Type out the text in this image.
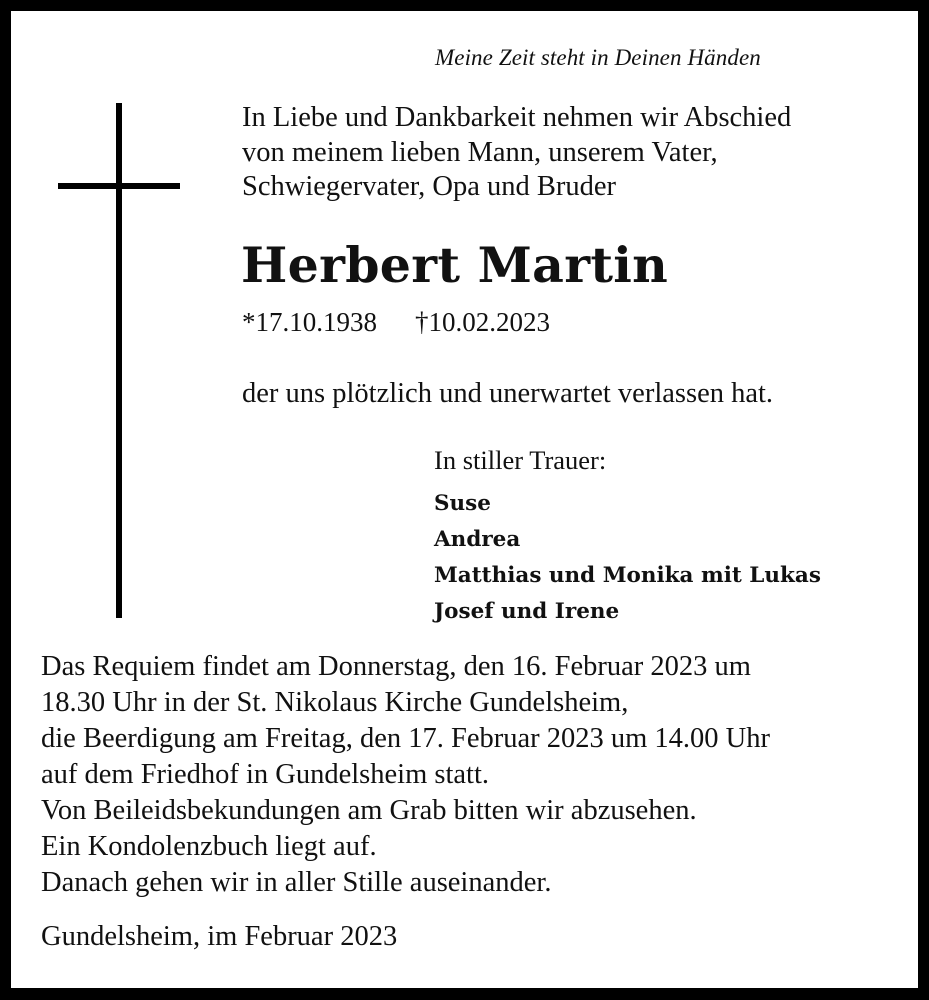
Meine Zeit steht in Deinen Händen
In Liebe und Dankbarkeit nehmen wir Abschied
von meinem lieben Mann, unserem Vater,
Schwiegervater, Opa und Bruder
Herbert Martin
*17.10.1938 †10.02.2023
der uns plötzlich und unerwartet verlassen hat.
In stiller Trauer:
Suse
Andrea
Matthias und Monika mit Lukas
Josef und Irene
Das Requiem findet am Donnerstag, den 16. Februar 2023 um
18.30 Uhr in der St. Nikolaus Kirche Gundelsheim,
die Beerdigung am Freitag, den 17. Februar 2023 um 14.00 Uhr
auf dem Friedhof in Gundelsheim statt.
Von Beileidsbekundungen am Grab bitten wir abzusehen.
Ein Kondolenzbuch liegt auf.
Danach gehen wir in aller Stille auseinander.
Gundelsheim, im Februar 2023
